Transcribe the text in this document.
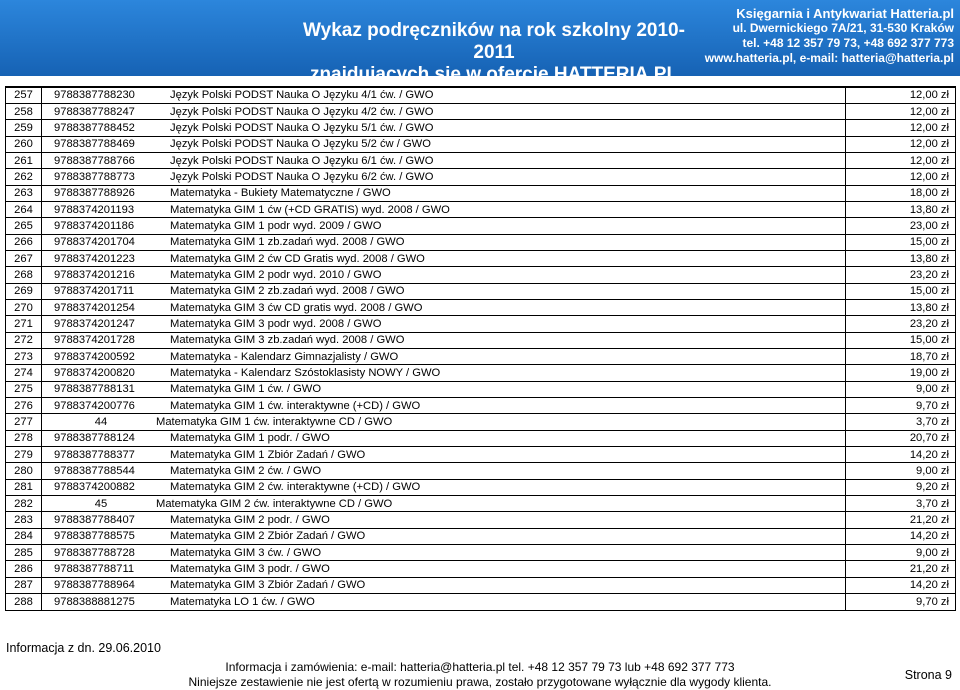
Wykaz podręczników na rok szkolny 2010-2011
znajdujących się w ofercie HATTERIA.PL
Księgarnia i Antykwariat Hatteria.pl
ul. Dwernickiego 7A/21, 31-530 Kraków
tel. +48 12 357 79 73, +48 692 377 773
www.hatteria.pl, e-mail: hatteria@hatteria.pl
257	9788387788230 Język Polski PODST Nauka O Języku 4/1 ćw. / GWO	12,00 zł
258	9788387788247 Język Polski PODST Nauka O Języku 4/2 ćw. / GWO	12,00 zł
259	9788387788452 Język Polski PODST Nauka O Języku 5/1 ćw. / GWO	12,00 zł
260	9788387788469 Język Polski PODST Nauka O Języku 5/2 ćw / GWO	12,00 zł
261	9788387788766 Język Polski PODST Nauka O Języku 6/1 ćw. / GWO	12,00 zł
262	9788387788773 Język Polski PODST Nauka O Języku 6/2 ćw. / GWO	12,00 zł
263	9788387788926 Matematyka - Bukiety Matematyczne / GWO	18,00 zł
264	9788374201193 Matematyka GIM 1 ćw (+CD GRATIS) wyd. 2008 / GWO	13,80 zł
265	9788374201186 Matematyka GIM 1 podr wyd. 2009 / GWO	23,00 zł
266	9788374201704 Matematyka GIM 1 zb.zadań wyd. 2008 / GWO	15,00 zł
267	9788374201223 Matematyka GIM 2 ćw CD Gratis wyd. 2008 / GWO	13,80 zł
268	9788374201216 Matematyka GIM 2 podr wyd. 2010 / GWO	23,20 zł
269	9788374201711 Matematyka GIM 2 zb.zadań wyd. 2008 / GWO	15,00 zł
270	9788374201254 Matematyka GIM 3 ćw CD gratis wyd. 2008 / GWO	13,80 zł
271	9788374201247 Matematyka GIM 3 podr wyd. 2008 / GWO	23,20 zł
272	9788374201728 Matematyka GIM 3 zb.zadań wyd. 2008 / GWO	15,00 zł
273	9788374200592 Matematyka - Kalendarz Gimnazjalisty / GWO	18,70 zł
274	9788374200820 Matematyka - Kalendarz Szóstoklasisty NOWY / GWO	19,00 zł
275	9788387788131 Matematyka GIM 1 ćw. / GWO	9,00 zł
276	9788374200776 Matematyka GIM 1 ćw. interaktywne (+CD) / GWO	9,70 zł
277	44 Matematyka GIM 1 ćw. interaktywne CD / GWO	3,70 zł
278	9788387788124 Matematyka GIM 1 podr. / GWO	20,70 zł
279	9788387788377 Matematyka GIM 1 Zbiór Zadań / GWO	14,20 zł
280	9788387788544 Matematyka GIM 2 ćw. / GWO	9,00 zł
281	9788374200882 Matematyka GIM 2 ćw. interaktywne (+CD) / GWO	9,20 zł
282	45 Matematyka GIM 2 ćw. interaktywne CD / GWO	3,70 zł
283	9788387788407 Matematyka GIM 2 podr. / GWO	21,20 zł
284	9788387788575 Matematyka GIM 2 Zbiór Zadań / GWO	14,20 zł
285	9788387788728 Matematyka GIM 3 ćw. / GWO	9,00 zł
286	9788387788711 Matematyka GIM 3 podr. / GWO	21,20 zł
287	9788387788964 Matematyka GIM 3 Zbiór Zadań / GWO	14,20 zł
288	9788388881275 Matematyka LO 1 ćw. / GWO	9,70 zł
Informacja z dn. 29.06.2010
Informacja i zamówienia: e-mail: hatteria@hatteria.pl tel. +48 12 357 79 73 lub +48 692 377 773
Niniejsze zestawienie nie jest ofertą w rozumieniu prawa, zostało przygotowane wyłącznie dla wygody klienta.	Strona 9
